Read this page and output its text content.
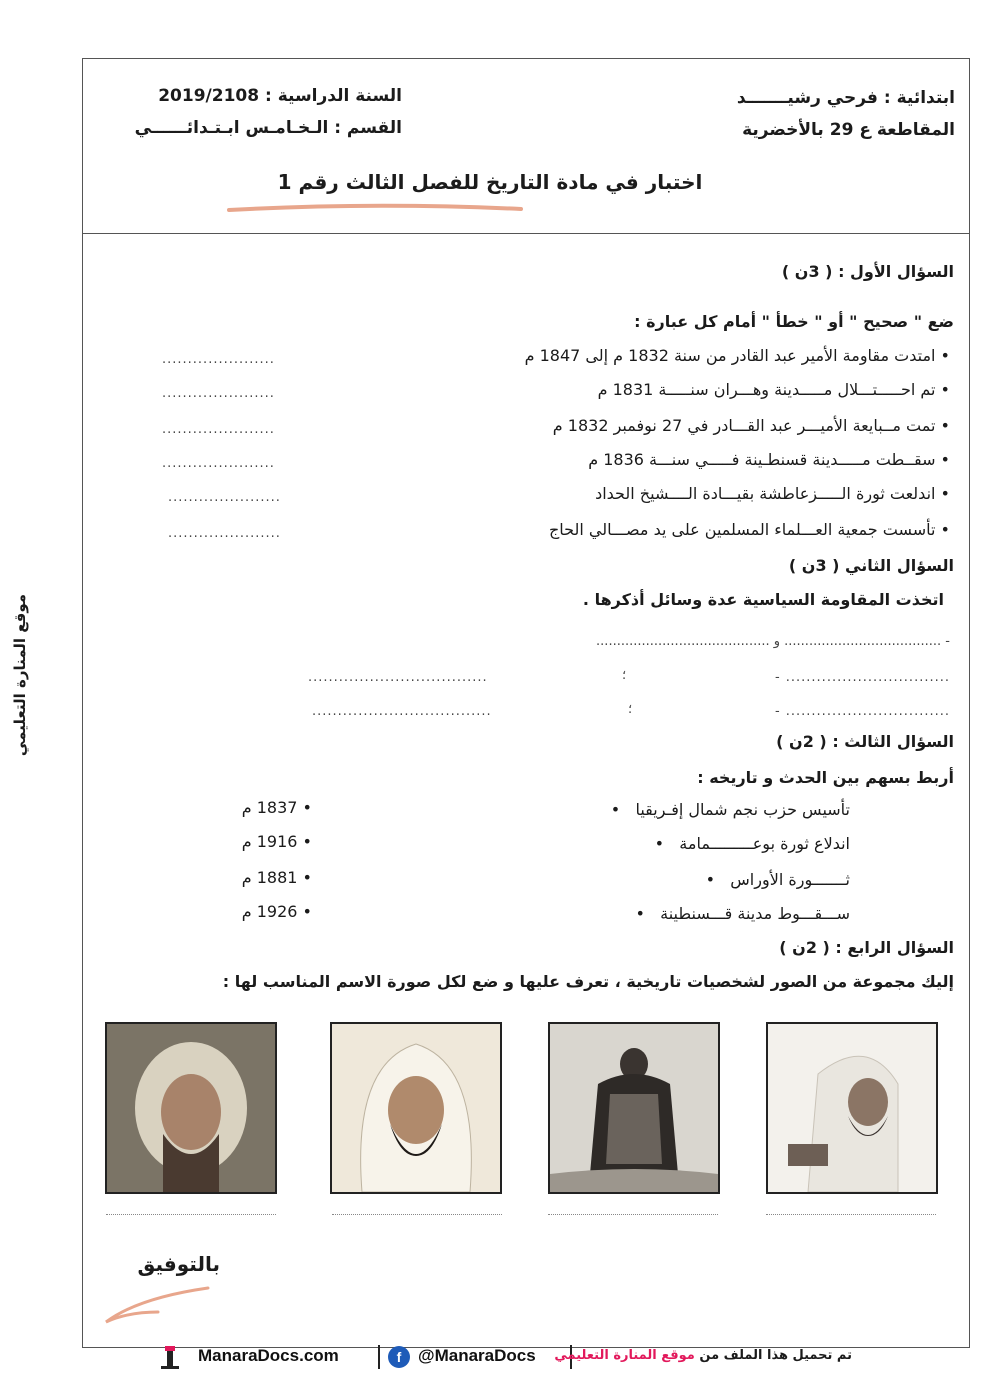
موقع المنارة التعليمي
ابتدائية : فرحي رشيـــــــد
المقاطعة ع 29 بالأخضرية
السنة الدراسية : 2019/2108
القسم : الـخـامـس ابـتـدائــــــي
اختبار في مادة التاريخ للفصل الثالث رقم 1
السؤال الأول : ( 3ن )
ضع " صحيح " أو " خطأ " أمام كل عبارة :
• امتدت مقاومة الأمير عبد القادر من سنة 1832 م إلى 1847 م
• تم احـــــتـــلال مـــــدينة وهـــران سنـــــة 1831 م
• تمت مــبايعة الأميـــر عبد القـــادر في 27 نوفمبر 1832 م
• سقــطت مـــــدينة قسنطـينة فـــــي سنـــة 1836 م
• اندلعت ثورة الـــــزعاطشة بقيـــادة الــــشيخ الحداد
• تأسست جمعية العـــلماء المسلمين على يد مصـــالي الحاج
......................
......................
......................
......................
......................
......................
السؤال الثاني ( 3ن )
اتخذت المقاومة السياسية عدة وسائل أذكرها .
- ...................................... و ..........................................
- ................................
؛
...................................
- ................................
؛
...................................
السؤال الثالث : ( 2ن )
أربط بسهم بين الحدث و تاريخه :
تأسيس حزب نجم شمال إفـريقيا   •
اندلاع ثورة بوعـــــــــمامة   •
ثـــــــورة الأوراس   •
ســـقـــوط مدينة قـــسنطينة   •
• 1837 م
• 1916 م
• 1881 م
• 1926 م
السؤال الرابع : ( 2ن )
إليك مجموعة من الصور لشخصيات تاريخية ، تعرف عليها و ضع لكل صورة الاسم المناسب لها :
بالتوفيق
ManaraDocs.com	f @ManaraDocs	تم تحميل هذا الملف من موقع المنارة التعليمي
